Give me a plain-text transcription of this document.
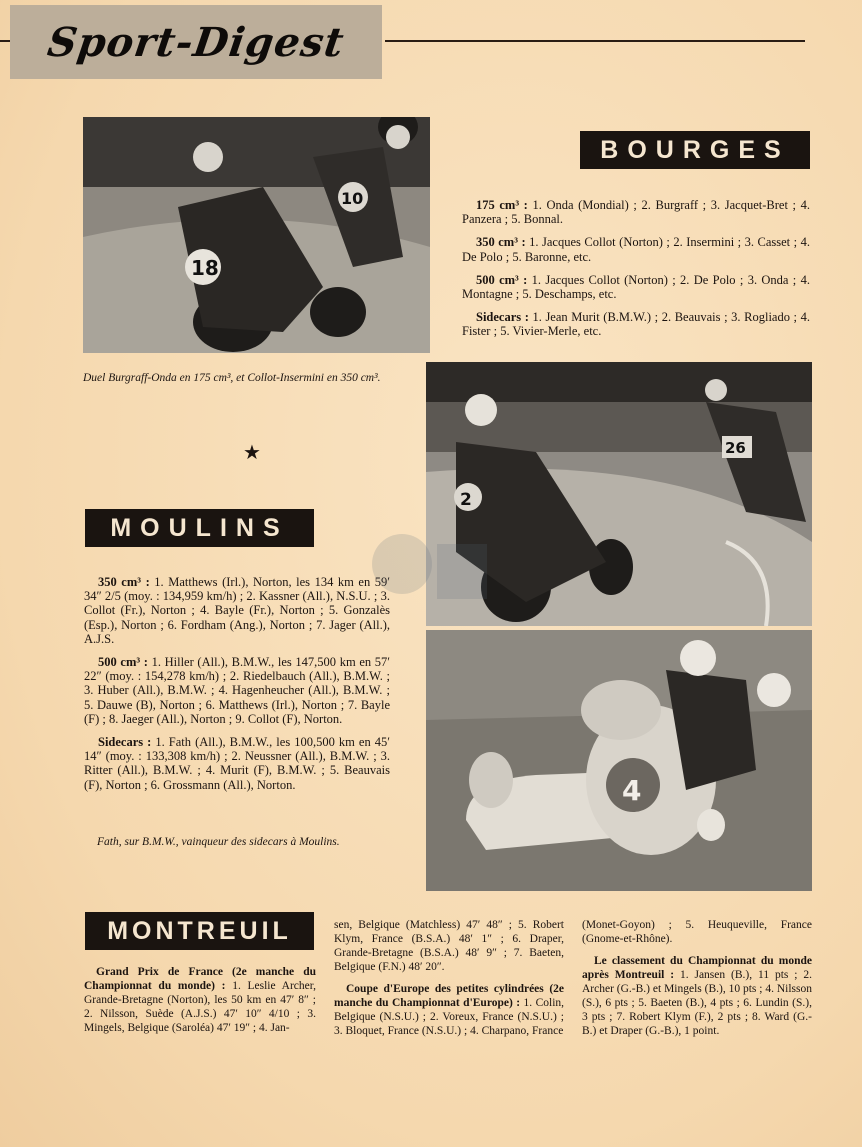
Sport-Digest
18
10
BOURGES

175 cm³ : 1. Onda (Mondial) ; 2. Burgraff ; 3. Jacquet-Bret ; 4. Panzera ; 5. Bonnal.

350 cm³ : 1. Jacques Collot (Norton) ; 2. Insermini ; 3. Casset ; 4. De Polo ; 5. Baronne, etc.

500 cm³ : 1. Jacques Collot (Norton) ; 2. De Polo ; 3. Onda ; 4. Montagne ; 5. Deschamps, etc.

Sidecars : 1. Jean Murit (B.M.W.) ; 2. Beauvais ; 3. Rogliado ; 4. Fister ; 5. Vivier-Merle, etc.

Duel Burgraff-Onda en 175 cm³, et Collot-Insermini en 350 cm³.
★
2
26
MOULINS

350 cm³ : 1. Matthews (Irl.), Norton, les 134 km en 59′ 34″ 2/5 (moy. : 134,959 km/h) ; 2. Kassner (All.), N.S.U. ; 3. Collot (Fr.), Norton ; 4. Bayle (Fr.), Norton ; 5. Gonzalès (Esp.), Norton ; 6. Fordham (Ang.), Norton ; 7. Jager (All.), A.J.S.

500 cm³ : 1. Hiller (All.), B.M.W., les 147,500 km en 57′ 22″ (moy. : 154,278 km/h) ; 2. Riedelbauch (All.), B.M.W. ; 3. Huber (All.), B.M.W. ; 4. Hagenheucher (All.), B.M.W. ; 5. Dauwe (B), Norton ; 6. Matthews (Irl.), Norton ; 7. Bayle (F) ; 8. Jaeger (All.), Norton ; 9. Collot (F), Norton.

Sidecars : 1. Fath (All.), B.M.W., les 100,500 km en 45′ 14″ (moy. : 133,308 km/h) ; 2. Neussner (All.), B.M.W. ; 3. Ritter (All.), B.M.W. ; 4. Murit (F), B.M.W. ; 5. Beauvais (F), Norton ; 6. Grossmann (All.), Norton.

Fath, sur B.M.W., vainqueur des sidecars à Moulins.
4
MONTREUIL

Grand Prix de France (2e manche du Championnat du monde) : 1. Leslie Archer, Grande-Bretagne (Norton), les 50 km en 47′ 8″ ; 2. Nilsson, Suède (A.J.S.) 47′ 10″ 4/10 ; 3. Mingels, Belgique (Saroléa) 47′ 19″ ; 4. Jan-

sen, Belgique (Matchless) 47′ 48″ ; 5. Robert Klym, France (B.S.A.) 48′ 1″ ; 6. Draper, Grande-Bretagne (B.S.A.) 48′ 9″ ; 7. Baeten, Belgique (F.N.) 48′ 20″.

Coupe d'Europe des petites cylindrées (2e manche du Championnat d'Europe) : 1. Colin, Belgique (N.S.U.) ; 2. Voreux, France (N.S.U.) ; 3. Bloquet, France (N.S.U.) ; 4. Charpano, France

(Monet-Goyon) ; 5. Heuqueville, France (Gnome-et-Rhône).

Le classement du Championnat du monde après Montreuil : 1. Jansen (B.), 11 pts ; 2. Archer (G.-B.) et Mingels (B.), 10 pts ; 4. Nilsson (S.), 6 pts ; 5. Baeten (B.), 4 pts ; 6. Lundin (S.), 3 pts ; 7. Robert Klym (F.), 2 pts ; 8. Ward (G.-B.) et Draper (G.-B.), 1 point.
